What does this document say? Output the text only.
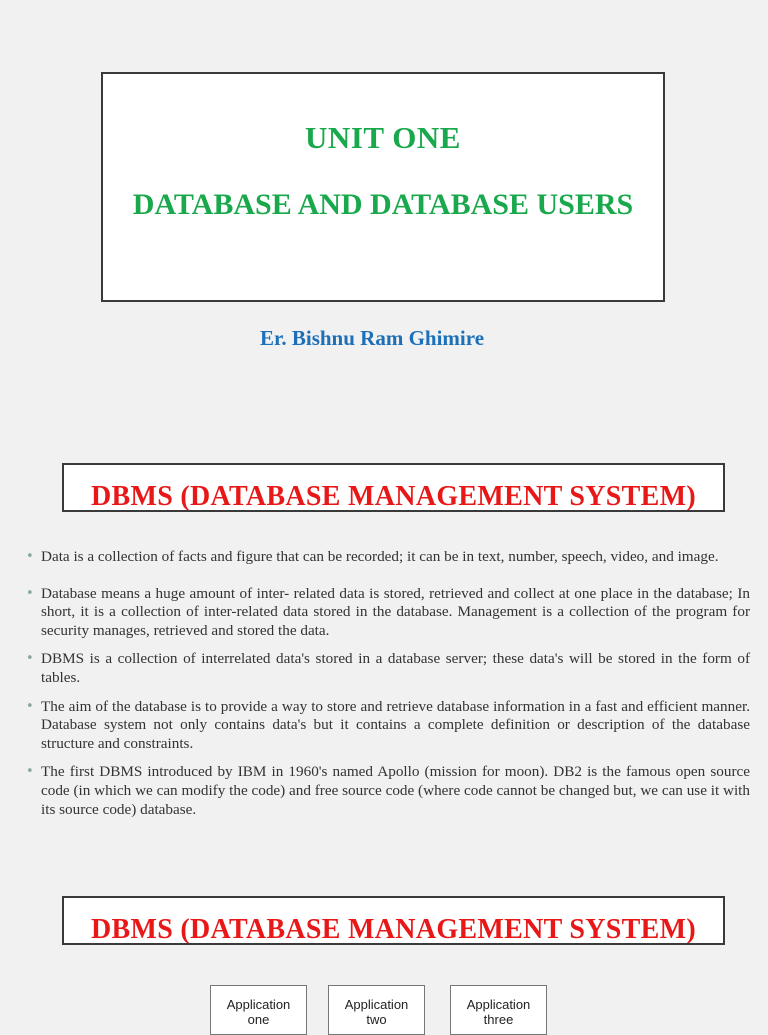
UNIT ONE
DATABASE AND DATABASE USERS
Er. Bishnu Ram Ghimire
DBMS (DATABASE MANAGEMENT SYSTEM)
• Data is a collection of facts and figure that can be recorded; it can be in text, number, speech, video, and image.
• Database means a huge amount of inter- related data is stored, retrieved and collect at one place in the database; In short, it is a collection of inter-related data stored in the database. Management is a collection of the program for security manages, retrieved and stored the data.
• DBMS is a collection of interrelated data's stored in a database server; these data's will be stored in the form of tables.
• The aim of the database is to provide a way to store and retrieve database information in a fast and efficient manner. Database system not only contains data's but it contains a complete definition or description of the database structure and constraints.
• The first DBMS introduced by IBM in 1960's named Apollo (mission for moon). DB2 is the famous open source code (in which we can modify the code) and free source code (where code cannot be changed but, we can use it with its source code) database.
DBMS (DATABASE MANAGEMENT SYSTEM)
Application
one
Application
two
Application
three
